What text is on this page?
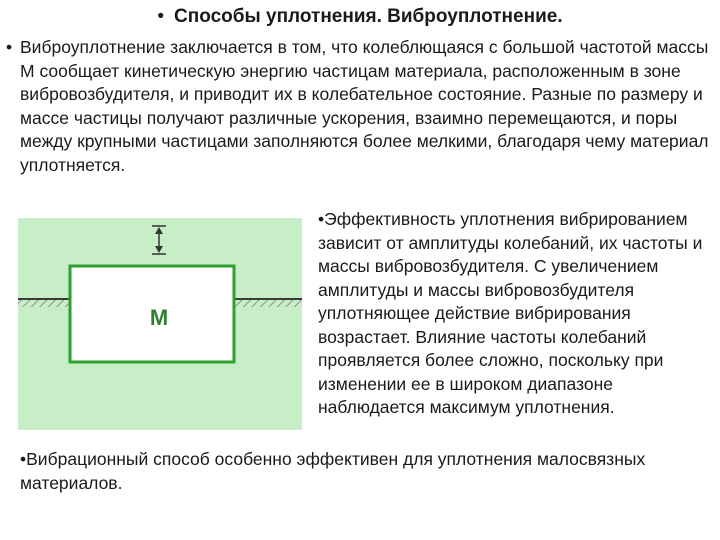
• Способы уплотнения. Виброуплотнение.
• Виброуплотнение заключается в том, что колеблющаяся с большой частотой массы М сообщает кинетическую энергию частицам материала, расположенным в зоне вибровозбудителя, и приводит их в колебательное состояние. Разные по размеру и массе частицы получают различные ускорения, взаимно перемещаются, и поры между крупными частицами заполняются более мелкими, благодаря чему материал уплотняется.
M
•Эффективность уплотнения вибрированием зависит от амплитуды колебаний, их частоты и массы вибровозбудителя. С увеличением амплитуды и массы вибровозбудителя уплотняющее действие вибрирования возрастает. Влияние частоты колебаний проявляется более сложно, поскольку при изменении ее в широком диапазоне наблюдается максимум уплотнения.
•Вибрационный способ особенно эффективен для уплотнения малосвязных материалов.
